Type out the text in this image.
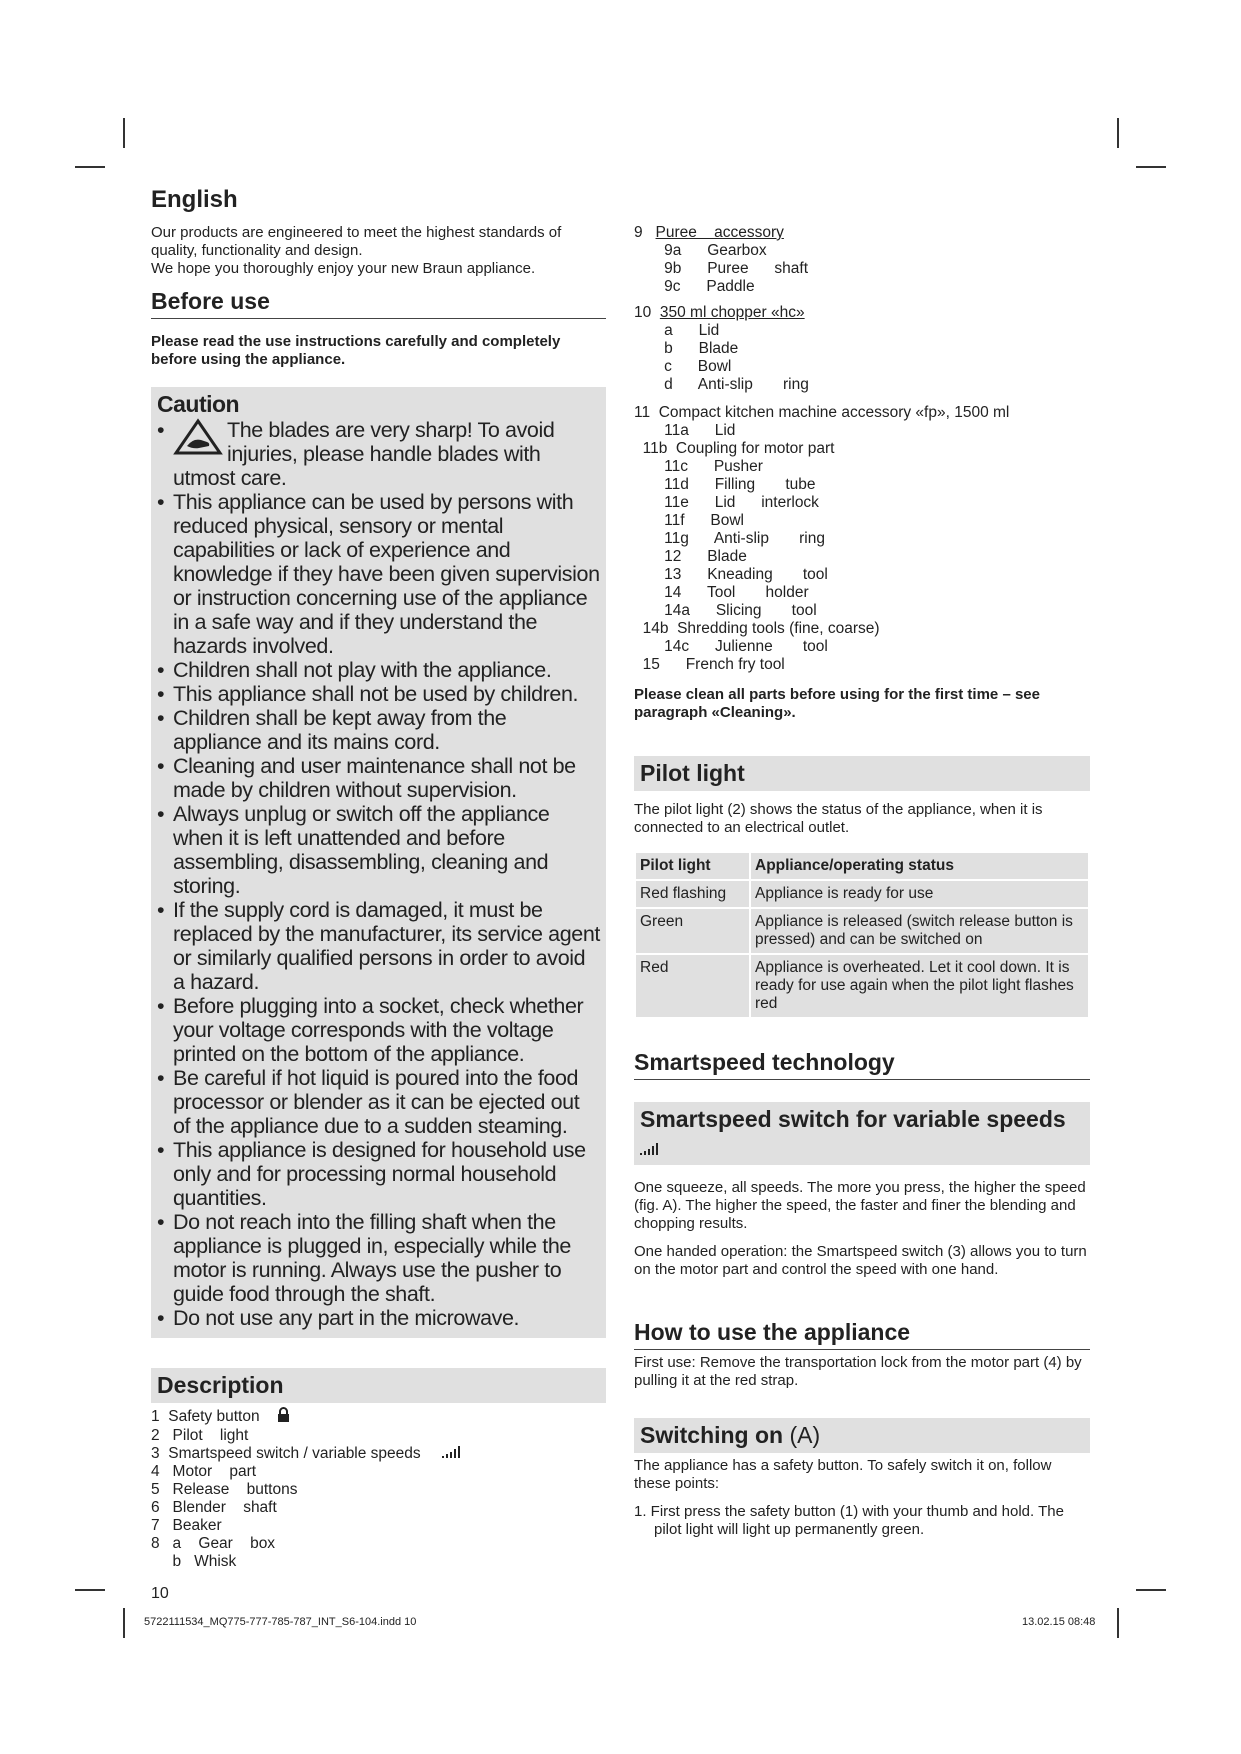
English

Our products are engineered to meet the highest standards of quality, functionality and design.

We hope you thoroughly enjoy your new Braun appliance.

Before use

Please read the use instructions carefully and completely before using the appliance.

Caution
• The blades are very sharp! To avoid injuries, please handle blades with utmost care.
• This appliance can be used by persons with reduced physical, sensory or mental capabilities or lack of experience and knowledge if they have been given supervision or instruction concerning use of the appliance in a safe way and if they understand the hazards involved.
• Children shall not play with the appliance.
• This appliance shall not be used by children.
• Children shall be kept away from the appliance and its mains cord.
• Cleaning and user maintenance shall not be made by children without supervision.
• Always unplug or switch off the appliance when it is left unattended and before assembling, disassembling, cleaning and storing.
• If the supply cord is damaged, it must be replaced by the manufacturer, its service agent or similarly qualified persons in order to avoid a hazard.
• Before plugging into a socket, check whether your voltage corresponds with the voltage printed on the bottom of the appliance.
• Be careful if hot liquid is poured into the food processor or blender as it can be ejected out of the appliance due to a sudden steaming.
• This appliance is designed for household use only and for processing normal household quantities.
• Do not reach into the filling shaft when the appliance is plugged in, especially while the motor is running. Always use the pusher to guide food through the shaft.
• Do not use any part in the microwave.
Description
1  Safety button
2   Pilot    light
3  Smartspeed switch / variable speeds
4   Motor    part
5   Release    buttons
6   Blender    shaft
7   Beaker
8   a    Gear    box
b   Whisk
10
9   Puree    accessory
9a      Gearbox
9b      Puree      shaft
9c      Paddle
10  350 ml chopper «hc»
a      Lid
b      Blade
c      Bowl
d      Anti-slip       ring

11  Compact kitchen machine accessory «fp», 1500 ml
11a      Lid
11b  Coupling for motor part
11c      Pusher
11d      Filling       tube
11e      Lid      interlock
11f      Bowl
11g      Anti-slip       ring
12      Blade
13      Kneading       tool
14      Tool       holder
14a      Slicing       tool
14b  Shredding tools (fine, coarse)
14c      Julienne       tool
15      French fry tool

Please clean all parts before using for the first time – see paragraph «Cleaning».

Pilot light

The pilot light (2) shows the status of the appliance, when it is connected to an electrical outlet.

Pilot light	Appliance/operating status
Red flashing	Appliance is ready for use
Green	Appliance is released (switch release button is pressed) and can be switched on
Red	Appliance is overheated. Let it cool down. It is ready for use again when the pilot light flashes red
Smartspeed technology
Smartspeed switch for variable speeds

One squeeze, all speeds. The more you press, the higher the speed (fig. A). The higher the speed, the faster and finer the blending and chopping results.

One handed operation: the Smartspeed switch (3) allows you to turn on the motor part and control the speed with one hand.

How to use the appliance

First use: Remove the transportation lock from the motor part (4) by pulling it at the red strap.

Switching on (A)

The appliance has a safety button. To safely switch it on, follow these points:

1. First press the safety button (1) with your thumb and hold. The pilot light will light up permanently green.

5722111534_MQ775-777-785-787_INT_S6-104.indd 10	13.02.15 08:48
